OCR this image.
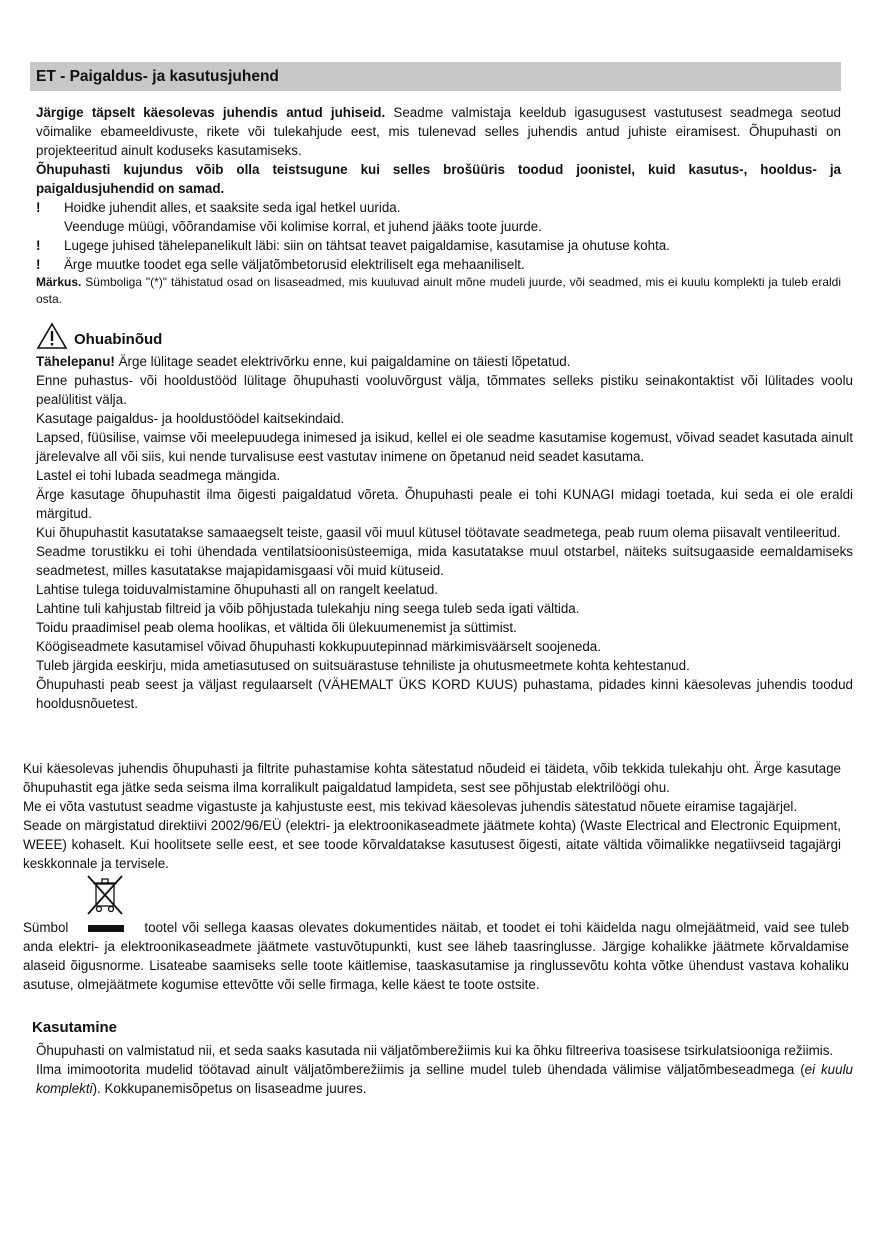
ET - Paigaldus- ja kasutusjuhend

Järgige täpselt käesolevas juhendis antud juhiseid. Seadme valmistaja keeldub igasugusest vastutusest seadmega seotud võimalike ebameeldivuste, rikete või tulekahjude eest, mis tulenevad selles juhendis antud juhiste eiramisest. Õhupuhasti on projekteeritud ainult koduseks kasutamiseks.

Õhupuhasti kujundus võib olla teistsugune kui selles brošüüris toodud joonistel, kuid kasutus-, hooldus- ja paigaldusjuhendid on samad.

!	Hoidke juhendit alles, et saaksite seda igal hetkel uurida.

Veenduge müügi, võõrandamise või kolimise korral, et juhend jääks toote juurde.

!	Lugege juhised tähelepanelikult läbi: siin on tähtsat teavet paigaldamise, kasutamise ja ohutuse kohta.
!	Ärge muutke toodet ega selle väljatõmbetorusid elektriliselt ega mehaaniliselt.

Märkus. Sümboliga "(*)" tähistatud osad on lisaseadmed, mis kuuluvad ainult mõne mudeli juurde, või seadmed, mis ei kuulu komplekti ja tuleb eraldi osta.

Ohuabinõud

Tähelepanu! Ärge lülitage seadet elektrivõrku enne, kui paigaldamine on täiesti lõpetatud.

Enne puhastus- või hooldustööd lülitage õhupuhasti vooluvõrgust välja, tõmmates selleks pistiku seinakontaktist või lülitades voolu pealülitist välja.

Kasutage paigaldus- ja hooldustöödel kaitsekindaid.

Lapsed, füüsilise, vaimse või meelepuudega inimesed ja isikud, kellel ei ole seadme kasutamise kogemust, võivad seadet kasutada ainult järelevalve all või siis, kui nende turvalisuse eest vastutav inimene on õpetanud neid seadet kasutama.

Lastel ei tohi lubada seadmega mängida.

Ärge kasutage õhupuhastit ilma õigesti paigaldatud võreta. Õhupuhasti peale ei tohi KUNAGI midagi toetada, kui seda ei ole eraldi märgitud.

Kui õhupuhastit kasutatakse samaaegselt teiste, gaasil või muul kütusel töötavate seadmetega, peab ruum olema piisavalt ventileeritud.

Seadme torustikku ei tohi ühendada ventilatsioonisüsteemiga, mida kasutatakse muul otstarbel, näiteks suitsugaaside eemaldamiseks seadmetest, milles kasutatakse majapidamisgaasi või muid kütuseid.

Lahtise tulega toiduvalmistamine õhupuhasti all on rangelt keelatud.

Lahtine tuli kahjustab filtreid ja võib põhjustada tulekahju ning seega tuleb seda igati vältida.

Toidu praadimisel peab olema hoolikas, et vältida õli ülekuumenemist ja süttimist.

Köögiseadmete kasutamisel võivad õhupuhasti kokkupuutepinnad märkimisväärselt soojeneda.

Tuleb järgida eeskirju, mida ametiasutused on suitsuärastuse tehniliste ja ohutusmeetmete kohta kehtestanud.

Õhupuhasti peab seest ja väljast regulaarselt (VÄHEMALT ÜKS KORD KUUS) puhastama, pidades kinni käesolevas juhendis toodud hooldusnõuetest.

Kui käesolevas juhendis õhupuhasti ja filtrite puhastamise kohta sätestatud nõudeid ei täideta, võib tekkida tulekahju oht. Ärge kasutage õhupuhastit ega jätke seda seisma ilma korralikult paigaldatud lampideta, sest see põhjustab elektrilöögi ohu.

Me ei võta vastutust seadme vigastuste ja kahjustuste eest, mis tekivad käesolevas juhendis sätestatud nõuete eiramise tagajärjel.

Seade on märgistatud direktiivi 2002/96/EÜ (elektri- ja elektroonikaseadmete jäätmete kohta) (Waste Electrical and Electronic Equipment, WEEE) kohaselt. Kui hoolitsete selle eest, et see toode kõrvaldatakse kasutusest õigesti, aitate vältida võimalikke negatiivseid tagajärgi keskkonnale ja tervisele.

Sümbol	tootel või sellega kaasas olevates dokumentides näitab, et toodet ei tohi käidelda nagu olmejäätmeid, vaid see tuleb anda elektri- ja elektroonikaseadmete jäätmete vastuvõtupunkti, kust see läheb taasringlusse. Järgige kohalikke jäätmete kõrvaldamise alaseid õigusnorme. Lisateabe saamiseks selle toote käitlemise, taaskasutamise ja ringlussevõtu kohta võtke ühendust vastava kohaliku asutuse, olmejäätmete kogumise ettevõtte või selle firmaga, kelle käest te toote ostsite.

Kasutamine

Õhupuhasti on valmistatud nii, et seda saaks kasutada nii väljatõmberežiimis kui ka õhku filtreeriva toasisese tsirkulatsiooniga režiimis.

Ilma imimootorita mudelid töötavad ainult väljatõmberežiimis ja selline mudel tuleb ühendada välimise väljatõmbeseadmega (ei kuulu komplekti). Kokkupanemisõpetus on lisaseadme juures.
